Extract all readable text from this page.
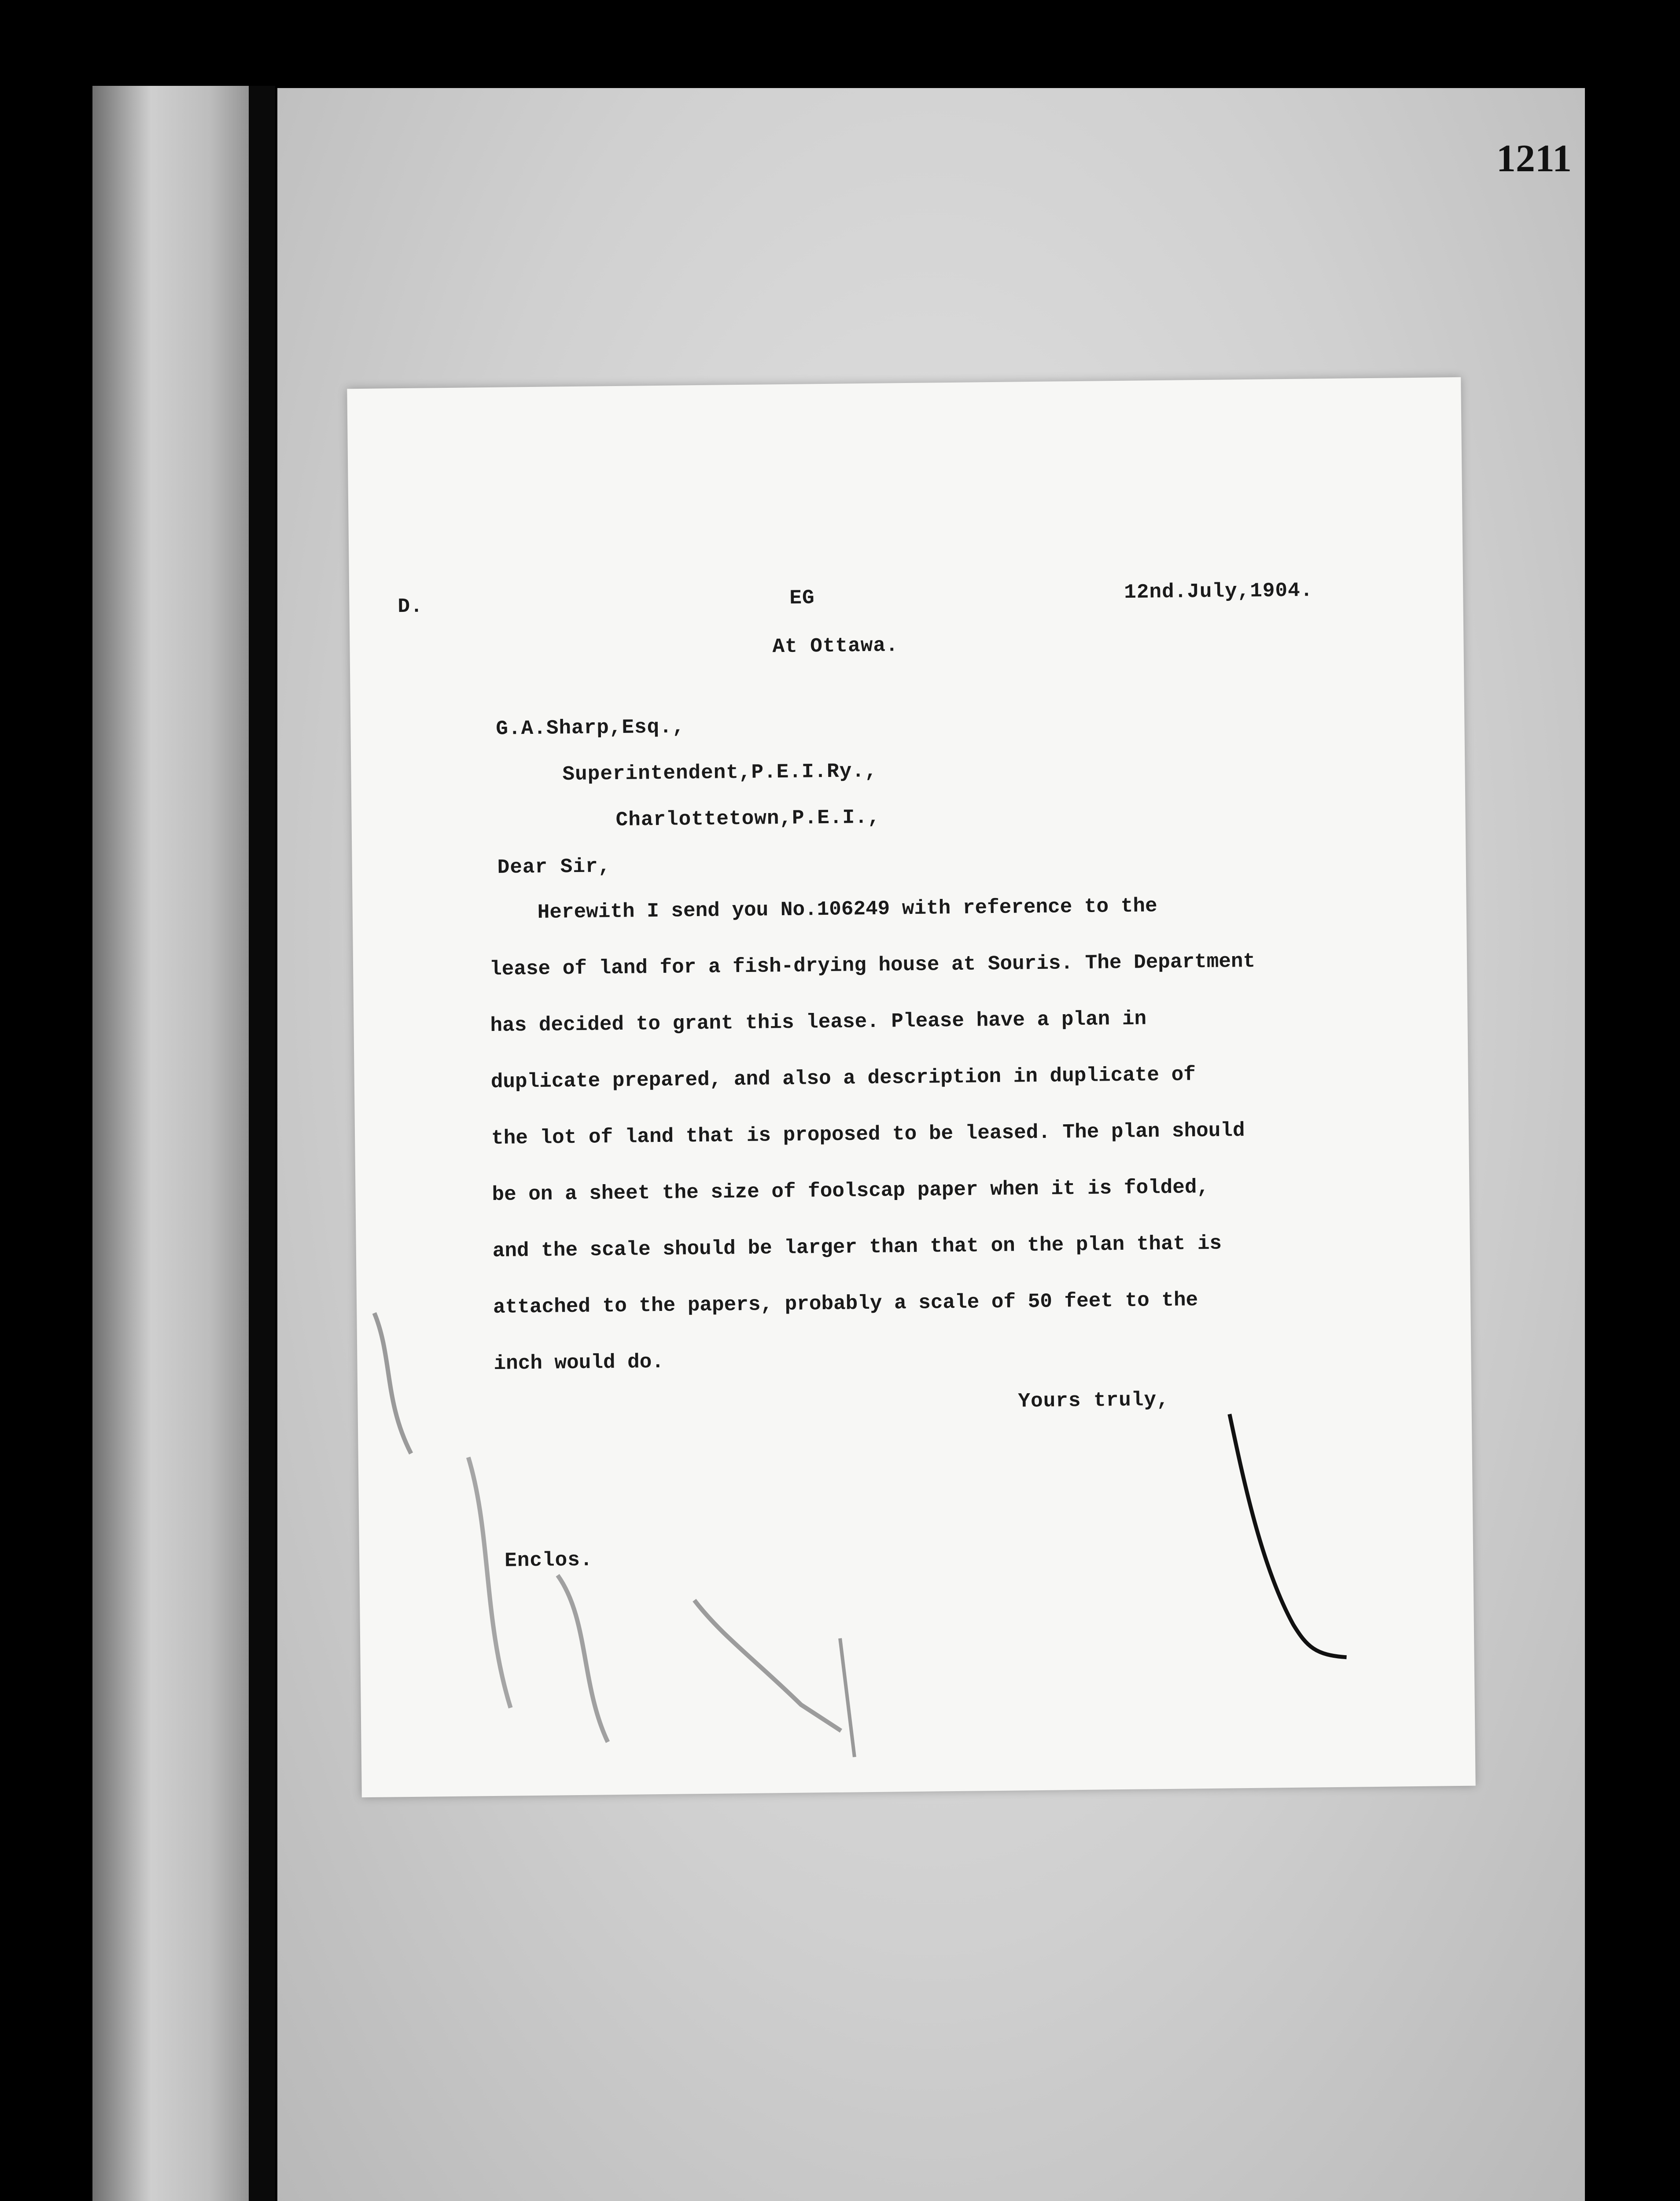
1211
D.	EG	12nd.July,1904.
At Ottawa.
G.A.Sharp,Esq.,
Superintendent,P.E.I.Ry.,
Charlottetown,P.E.I.,
Dear Sir,
Herewith I send you No.106249 with reference to the
lease of land for a fish-drying house at Souris. The Department
has decided to grant this lease. Please have a plan in
duplicate prepared, and also a description in duplicate of
the lot of land that is proposed to be leased. The plan should
be on a sheet the size of foolscap paper when it is folded,
and the scale should be larger than that on the plan that is
attached to the papers, probably a scale of 50 feet to the
inch would do.
Yours truly,
Enclos.
